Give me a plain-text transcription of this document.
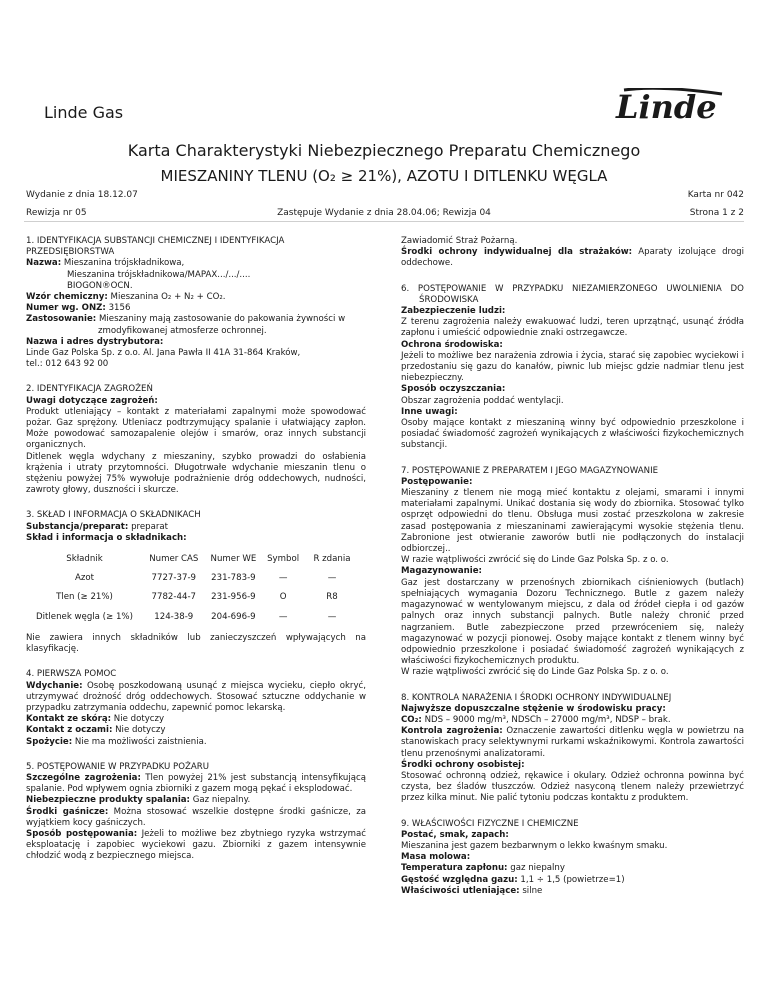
Linde Gas	Linde
Karta Charakterystyki Niebezpiecznego Preparatu Chemicznego
MIESZANINY TLENU (O₂ ≥ 21%), AZOTU I DITLENKU WĘGLA
Wydanie z dnia 18.12.07
Rewizja nr 05	Zastępuje Wydanie z dnia 28.04.06; Rewizja 04
Karta nr 042
Strona 1 z 2

1. IDENTYFIKACJA SUBSTANCJI CHEMICZNEJ I IDENTYFIKACJA PRZEDSIĘBIORSTWA

Nazwa: Mieszanina trójskładnikowa,

Mieszanina trójskładnikowa/MAPAX.../.../....

BIOGON®OCN.

Wzór chemiczny: Mieszanina O₂ + N₂ + CO₂.

Numer wg. ONZ: 3156

Zastosowanie: Mieszaniny mają zastosowanie do pakowania żywności w

zmodyfikowanej atmosferze ochronnej.

Nazwa i adres dystrybutora:

Linde Gaz Polska Sp. z o.o. Al. Jana Pawła II 41A 31-864 Kraków,

tel.: 012 643 92 00

2. IDENTYFIKACJA ZAGROŻEŃ

Uwagi dotyczące zagrożeń:

Produkt utleniający – kontakt z materiałami zapalnymi może spowodować pożar. Gaz sprężony. Utleniacz podtrzymujący spalanie i ułatwiający zapłon. Może powodować samozapalenie olejów i smarów, oraz innych substancji organicznych.

Ditlenek węgla wdychany z mieszaniny, szybko prowadzi do osłabienia krążenia i utraty przytomności. Długotrwałe wdychanie mieszanin tlenu o stężeniu powyżej 75% wywołuje podrażnienie dróg oddechowych, nudności, zawroty głowy, duszności i skurcze.

3. SKŁAD I INFORMACJA O SKŁADNIKACH

Substancja/preparat: preparat

Skład i informacja o składnikach:

Składnik	Numer CAS	Numer WE	Symbol	R zdania
Azot	7727-37-9	231-783-9	—	—
Tlen (≥ 21%)	7782-44-7	231-956-9	O	R8
Ditlenek węgla (≥ 1%)	124-38-9	204-696-9	—	—

Nie zawiera innych składników lub zanieczyszczeń wpływających na klasyfikację.

4. PIERWSZA POMOC

Wdychanie: Osobę poszkodowaną usunąć z miejsca wycieku, ciepło okryć, utrzymywać drożność dróg oddechowych. Stosować sztuczne oddychanie w przypadku zatrzymania oddechu, zapewnić pomoc lekarską.

Kontakt ze skórą: Nie dotyczy

Kontakt z oczami: Nie dotyczy

Spożycie: Nie ma możliwości zaistnienia.

5. POSTĘPOWANIE W PRZYPADKU POŻARU

Szczególne zagrożenia: Tlen powyżej 21% jest substancją intensyfikującą spalanie. Pod wpływem ognia zbiorniki z gazem mogą pękać i eksplodować.

Niebezpieczne produkty spalania: Gaz niepalny.

Środki gaśnicze: Można stosować wszelkie dostępne środki gaśnicze, za wyjątkiem kocy gaśniczych.

Sposób postępowania: Jeżeli to możliwe bez zbytniego ryzyka wstrzymać eksploatację i zapobiec wyciekowi gazu. Zbiorniki z gazem intensywnie chłodzić wodą z bezpiecznego miejsca.

Zawiadomić Straż Pożarną.

Środki ochrony indywidualnej dla strażaków: Aparaty izolujące drogi oddechowe.

6. POSTĘPOWANIE W PRZYPADKU NIEZAMIERZONEGO UWOLNIENIA DO

ŚRODOWISKA

Zabezpieczenie ludzi:

Z terenu zagrożenia należy ewakuować ludzi, teren uprzątnąć, usunąć źródła zapłonu i umieścić odpowiednie znaki ostrzegawcze.

Ochrona środowiska:

Jeżeli to możliwe bez narażenia zdrowia i życia, starać się zapobiec wyciekowi i przedostaniu się gazu do kanałów, piwnic lub miejsc gdzie nadmiar tlenu jest niebezpieczny.

Sposób oczyszczania:

Obszar zagrożenia poddać wentylacji.

Inne uwagi:

Osoby mające kontakt z mieszaniną winny być odpowiednio przeszkolone i posiadać świadomość zagrożeń wynikających z właściwości fizykochemicznych substancji.

7. POSTĘPOWANIE Z PREPARATEM I JEGO MAGAZYNOWANIE

Postępowanie:

Mieszaniny z tlenem nie mogą mieć kontaktu z olejami, smarami i innymi materiałami zapalnymi. Unikać dostania się wody do zbiornika. Stosować tylko osprzęt odpowiedni do tlenu. Obsługa musi zostać przeszkolona w zakresie zasad postępowania z mieszaninami zawierającymi wysokie stężenia tlenu. Zabronione jest otwieranie zaworów butli nie podłączonych do instalacji odbiorczej..

W razie wątpliwości zwrócić się do Linde Gaz Polska Sp. z o. o.

Magazynowanie:

Gaz jest dostarczany w przenośnych zbiornikach ciśnieniowych (butlach) spełniających wymagania Dozoru Technicznego. Butle z gazem należy magazynować w wentylowanym miejscu, z dala od źródeł ciepła i od gazów palnych oraz innych substancji palnych. Butle należy chronić przed nagrzaniem. Butle zabezpieczone przed przewróceniem się, należy magazynować w pozycji pionowej. Osoby mające kontakt z tlenem winny być odpowiednio przeszkolone i posiadać świadomość zagrożeń wynikających z właściwości fizykochemicznych produktu.

W razie wątpliwości zwrócić się do Linde Gaz Polska Sp. z o. o.

8. KONTROLA NARAŻENIA I ŚRODKI OCHRONY INDYWIDUALNEJ

Najwyższe dopuszczalne stężenie w środowisku pracy:

CO₂: NDS – 9000 mg/m³, NDSCh – 27000 mg/m³, NDSP – brak.

Kontrola zagrożenia: Oznaczenie zawartości ditlenku węgla w powietrzu na stanowiskach pracy selektywnymi rurkami wskaźnikowymi. Kontrola zawartości tlenu przenośnymi analizatorami.

Środki ochrony osobistej:

Stosować ochronną odzież, rękawice i okulary. Odzież ochronna powinna być czysta, bez śladów tłuszczów. Odzież nasyconą tlenem należy przewietrzyć przez kilka minut. Nie palić tytoniu podczas kontaktu z produktem.

9. WŁAŚCIWOŚCI FIZYCZNE I CHEMICZNE

Postać, smak, zapach:

Mieszanina jest gazem bezbarwnym o lekko kwaśnym smaku.

Masa molowa:

Temperatura zapłonu: gaz niepalny

Gęstość względna gazu: 1,1 ÷ 1,5 (powietrze=1)

Właściwości utleniające: silne
